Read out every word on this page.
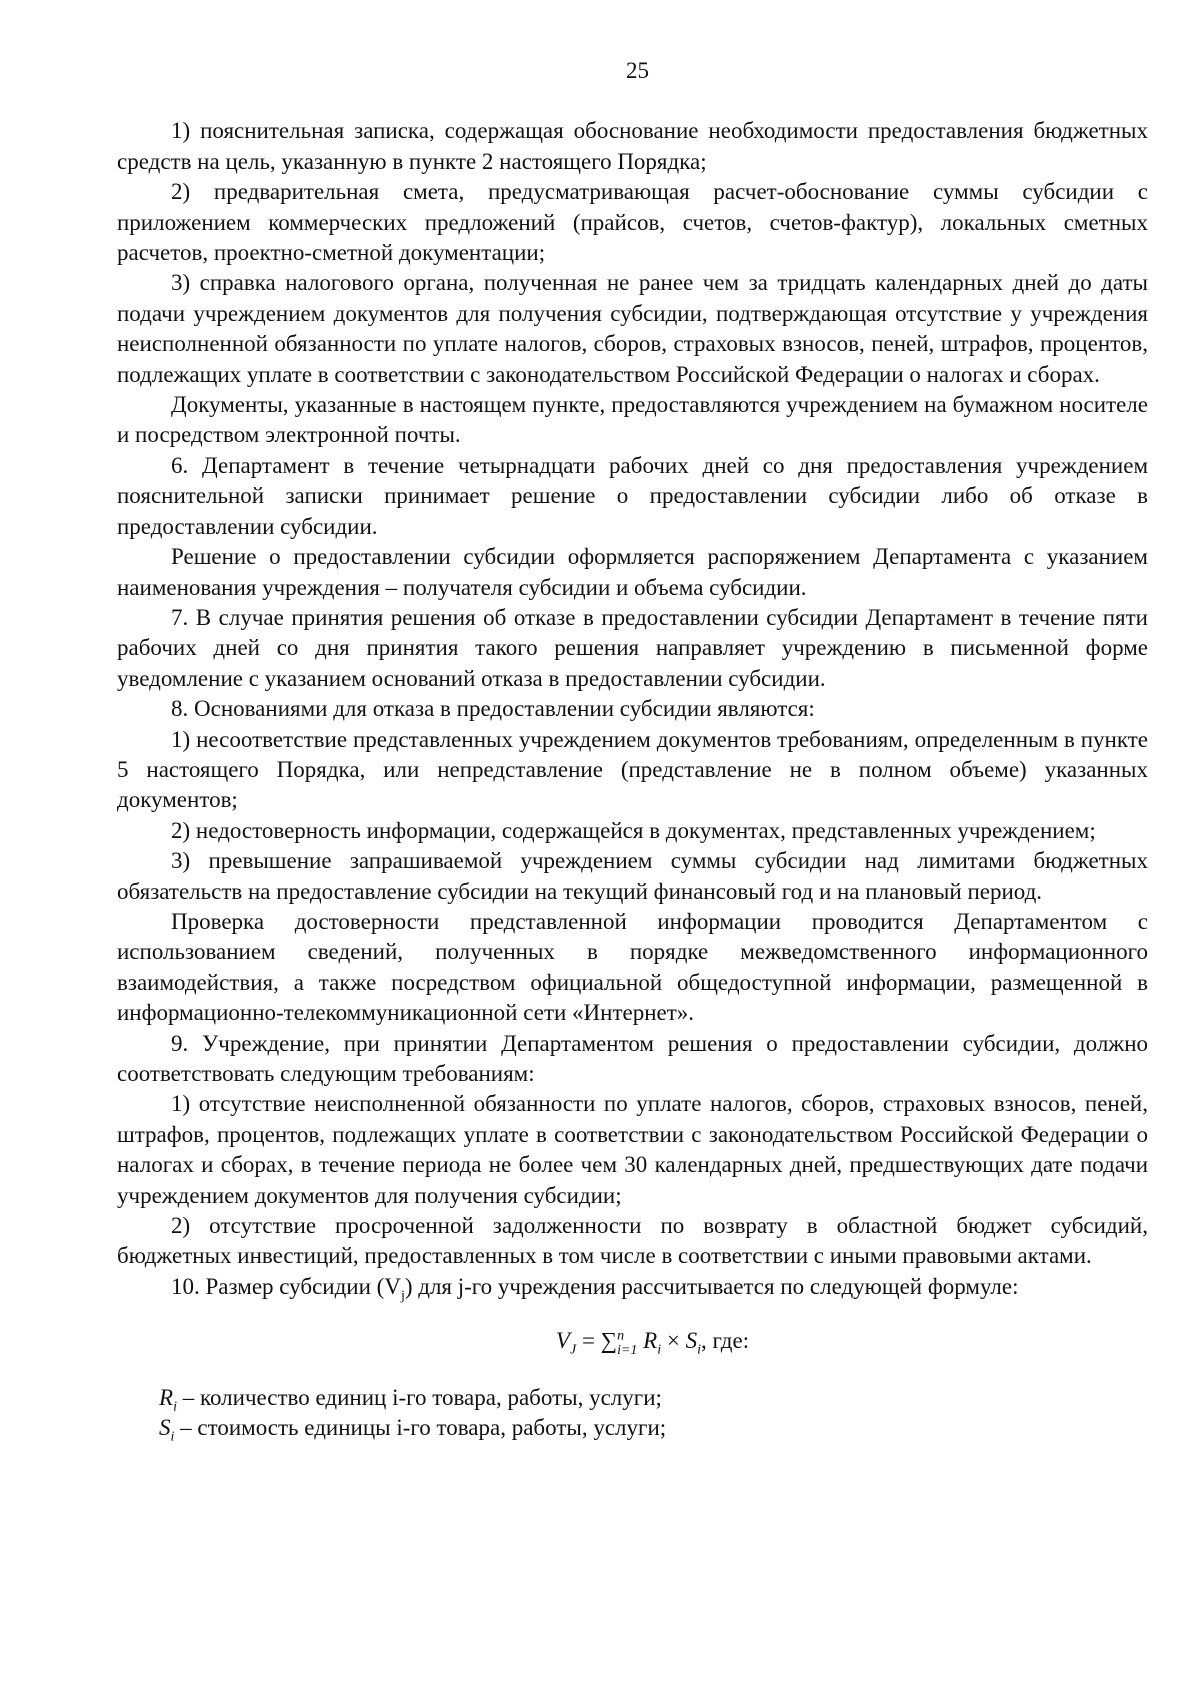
25

1) пояснительная записка, содержащая обоснование необходимости предоставления бюджетных средств на цель, указанную в пункте 2 настоящего Порядка;

2) предварительная смета, предусматривающая расчет-обоснование суммы субсидии с приложением коммерческих предложений (прайсов, счетов, счетов-фактур), локальных сметных расчетов, проектно-сметной документации;

3) справка налогового органа, полученная не ранее чем за тридцать календарных дней до даты подачи учреждением документов для получения субсидии, подтверждающая отсутствие у учреждения неисполненной обязанности по уплате налогов, сборов, страховых взносов, пеней, штрафов, процентов, подлежащих уплате в соответствии с законодательством Российской Федерации о налогах и сборах.

Документы, указанные в настоящем пункте, предоставляются учреждением на бумажном носителе и посредством электронной почты.

6. Департамент в течение четырнадцати рабочих дней со дня предоставления учреждением пояснительной записки принимает решение о предоставлении субсидии либо об отказе в предоставлении субсидии.

Решение о предоставлении субсидии оформляется распоряжением Департамента с указанием наименования учреждения – получателя субсидии и объема субсидии.

7. В случае принятия решения об отказе в предоставлении субсидии Департамент в течение пяти рабочих дней со дня принятия такого решения направляет учреждению в письменной форме уведомление с указанием оснований отказа в предоставлении субсидии.

8. Основаниями для отказа в предоставлении субсидии являются:

1) несоответствие представленных учреждением документов требованиям, определенным в пункте 5 настоящего Порядка, или непредставление (представление не в полном объеме) указанных документов;

2) недостоверность информации, содержащейся в документах, представленных учреждением;

3) превышение запрашиваемой учреждением суммы субсидии над лимитами бюджетных обязательств на предоставление субсидии на текущий финансовый год и на плановый период.

Проверка достоверности представленной информации проводится Департаментом с использованием сведений, полученных в порядке межведомственного информационного взаимодействия, а также посредством официальной общедоступной информации, размещенной в информационно-телекоммуникационной сети «Интернет».

9. Учреждение, при принятии Департаментом решения о предоставлении субсидии, должно соответствовать следующим требованиям:

1) отсутствие неисполненной обязанности по уплате налогов, сборов, страховых взносов, пеней, штрафов, процентов, подлежащих уплате в соответствии с законодательством Российской Федерации о налогах и сборах, в течение периода не более чем 30 календарных дней, предшествующих дате подачи учреждением документов для получения субсидии;

2) отсутствие просроченной задолженности по возврату в областной бюджет субсидий, бюджетных инвестиций, предоставленных в том числе в соответствии с иными правовыми актами.

10. Размер субсидии $(V_j)$ для j-го учреждения рассчитывается по следующей формуле:

$V_J = \sum^n_{i=1}$ $R_i \times S_i$, где:

$R_i$ – количество единиц i-го товара, работы, услуги;

$S_i$ – стоимость единицы i-го товара, работы, услуги;
